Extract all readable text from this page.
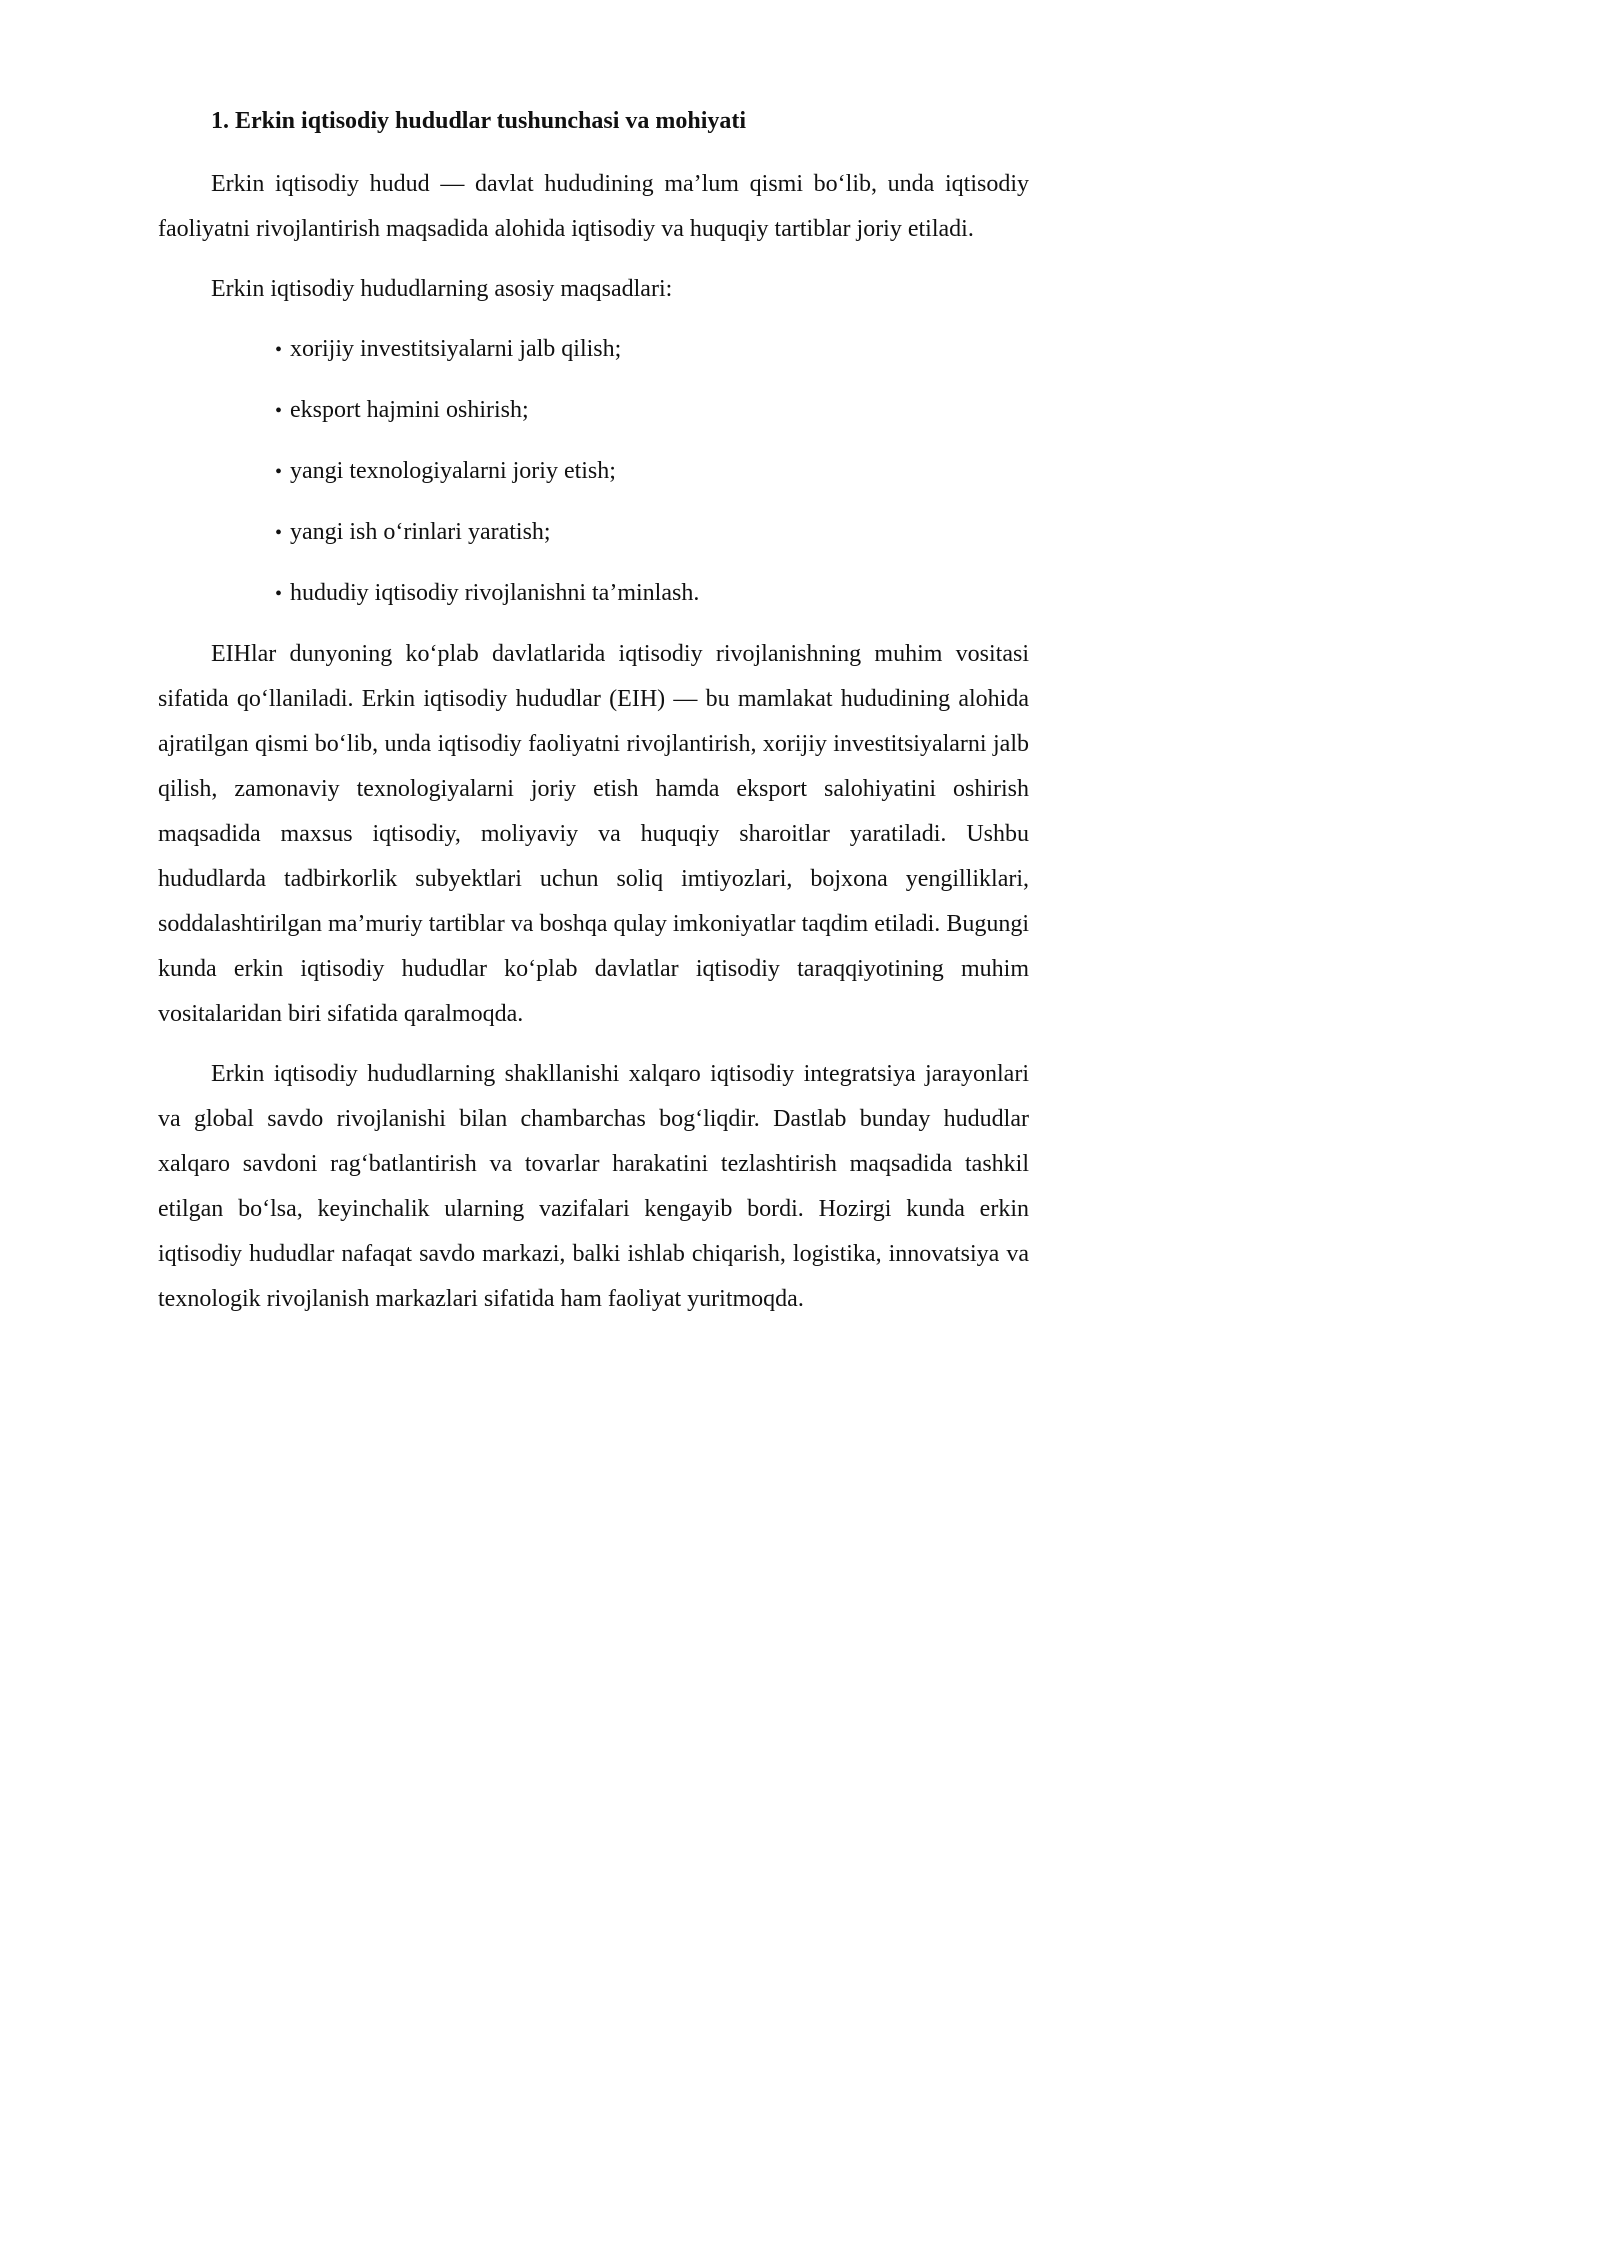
1. Erkin iqtisodiy hududlar tushunchasi va mohiyati

Erkin iqtisodiy hudud — davlat hududining ma’lum qismi bo‘lib, unda iqtisodiy faoliyatni rivojlantirish maqsadida alohida iqtisodiy va huquqiy tartiblar joriy etiladi.

Erkin iqtisodiy hududlarning asosiy maqsadlari:

• xorijiy investitsiyalarni jalb qilish;
• eksport hajmini oshirish;
• yangi texnologiyalarni joriy etish;
• yangi ish o‘rinlari yaratish;
• hududiy iqtisodiy rivojlanishni ta’minlash.

EIHlar dunyoning ko‘plab davlatlarida iqtisodiy rivojlanishning muhim vositasi sifatida qo‘llaniladi. Erkin iqtisodiy hududlar (EIH) — bu mamlakat hududining alohida ajratilgan qismi bo‘lib, unda iqtisodiy faoliyatni rivojlantirish, xorijiy investitsiyalarni jalb qilish, zamonaviy texnologiyalarni joriy etish hamda eksport salohiyatini oshirish maqsadida maxsus iqtisodiy, moliyaviy va huquqiy sharoitlar yaratiladi. Ushbu hududlarda tadbirkorlik subyektlari uchun soliq imtiyozlari, bojxona yengilliklari, soddalashtirilgan ma’muriy tartiblar va boshqa qulay imkoniyatlar taqdim etiladi. Bugungi kunda erkin iqtisodiy hududlar ko‘plab davlatlar iqtisodiy taraqqiyotining muhim vositalaridan biri sifatida qaralmoqda.

Erkin iqtisodiy hududlarning shakllanishi xalqaro iqtisodiy integratsiya jarayonlari va global savdo rivojlanishi bilan chambarchas bog‘liqdir. Dastlab bunday hududlar xalqaro savdoni rag‘batlantirish va tovarlar harakatini tezlashtirish maqsadida tashkil etilgan bo‘lsa, keyinchalik ularning vazifalari kengayib bordi. Hozirgi kunda erkin iqtisodiy hududlar nafaqat savdo markazi, balki ishlab chiqarish, logistika, innovatsiya va texnologik rivojlanish markazlari sifatida ham faoliyat yuritmoqda.
